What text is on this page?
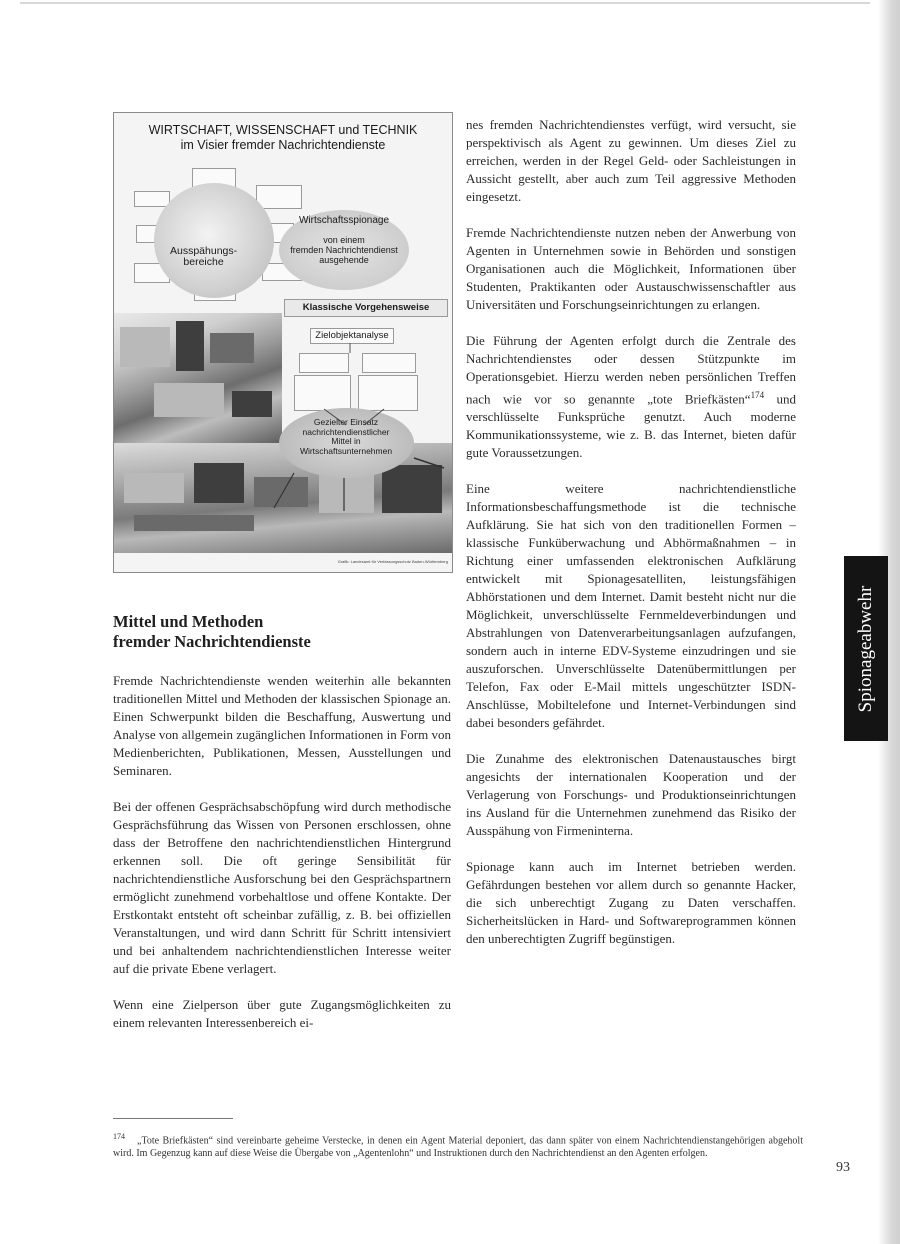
WIRTSCHAFT, WISSENSCHAFT und TECHNIK
im Visier fremder Nachrichtendienste
Ausspähungs-
bereiche
Wirtschaftsspionage
von einem
fremden Nachrichtendienst
ausgehende
Klassische Vorgehensweise
Zielobjektanalyse
Gezielter Einsatz
nachrichtendienstlicher
Mittel in
Wirtschaftsunternehmen
Grafik: Landesamt für Verfassungsschutz Baden-Württemberg
Mittel und Methoden
fremder Nachrichtendienste

Fremde Nachrichtendienste wenden weiterhin alle bekannten traditionellen Mittel und Methoden der klassischen Spionage an. Einen Schwerpunkt bilden die Beschaffung, Auswertung und Analyse von allgemein zugänglichen Informationen in Form von Medienberichten, Publikationen, Messen, Ausstellungen und Seminaren.

Bei der offenen Gesprächsabschöpfung wird durch methodische Gesprächsführung das Wissen von Personen erschlossen, ohne dass der Betroffene den nachrichtendienstlichen Hintergrund erkennen soll. Die oft geringe Sensibilität für nachrichtendienstliche Ausforschung bei den Gesprächspartnern ermöglicht zunehmend vorbehaltlose und offene Kontakte. Der Erstkontakt entsteht oft scheinbar zufällig, z. B. bei offiziellen Veranstaltungen, und wird dann Schritt für Schritt intensiviert und bei anhaltendem nachrichtendienstlichen Interesse weiter auf die private Ebene verlagert.

Wenn eine Zielperson über gute Zugangsmöglichkeiten zu einem relevanten Interessenbereich ei-

nes fremden Nachrichtendienstes verfügt, wird versucht, sie perspektivisch als Agent zu gewinnen. Um dieses Ziel zu erreichen, werden in der Regel Geld- oder Sachleistungen in Aussicht gestellt, aber auch zum Teil aggressive Methoden eingesetzt.

Fremde Nachrichtendienste nutzen neben der Anwerbung von Agenten in Unternehmen sowie in Behörden und sonstigen Organisationen auch die Möglichkeit, Informationen über Studenten, Praktikanten oder Austauschwissenschaftler aus Universitäten und Forschungseinrichtungen zu erlangen.

Die Führung der Agenten erfolgt durch die Zentrale des Nachrichtendienstes oder dessen Stützpunkte im Operationsgebiet. Hierzu werden neben persönlichen Treffen nach wie vor so genannte „tote Briefkästen“$^{174}$ und verschlüsselte Funksprüche genutzt. Auch moderne Kommunikationssysteme, wie z. B. das Internet, bieten dafür gute Voraussetzungen.

Eine weitere nachrichtendienstliche Informationsbeschaffungsmethode ist die technische Aufklärung. Sie hat sich von den traditionellen Formen – klassische Funküberwachung und Abhörmaßnahmen – in Richtung einer umfassenden elektronischen Aufklärung entwickelt mit Spionagesatelliten, leistungsfähigen Abhörstationen und dem Internet. Damit besteht nicht nur die Möglichkeit, unverschlüsselte Fernmeldeverbindungen und Abstrahlungen von Datenverarbeitungsanlagen aufzufangen, sondern auch in interne EDV-Systeme einzudringen und sie auszuforschen. Unverschlüsselte Datenübermittlungen per Telefon, Fax oder E-Mail mittels ungeschützter ISDN-Anschlüsse, Mobiltelefone und Internet-Verbindungen sind dabei besonders gefährdet.

Die Zunahme des elektronischen Datenaustausches birgt angesichts der internationalen Kooperation und der Verlagerung von Forschungs- und Produktionseinrichtungen ins Ausland für die Unternehmen zunehmend das Risiko der Ausspähung von Firmeninterna.

Spionage kann auch im Internet betrieben werden. Gefährdungen bestehen vor allem durch so genannte Hacker, die sich unberechtigt Zugang zu Daten verschaffen. Sicherheitslücken in Hard- und Softwareprogrammen können den unberechtigten Zugriff begünstigen.

Spionageabwehr
$^{174}$ „Tote Briefkästen“ sind vereinbarte geheime Verstecke, in denen ein Agent Material deponiert, das dann später von einem Nachrichtendienstangehörigen abgeholt wird. Im Gegenzug kann auf diese Weise die Übergabe von „Agentenlohn“ und Instruktionen durch den Nachrichtendienst an den Agenten erfolgen.
93
